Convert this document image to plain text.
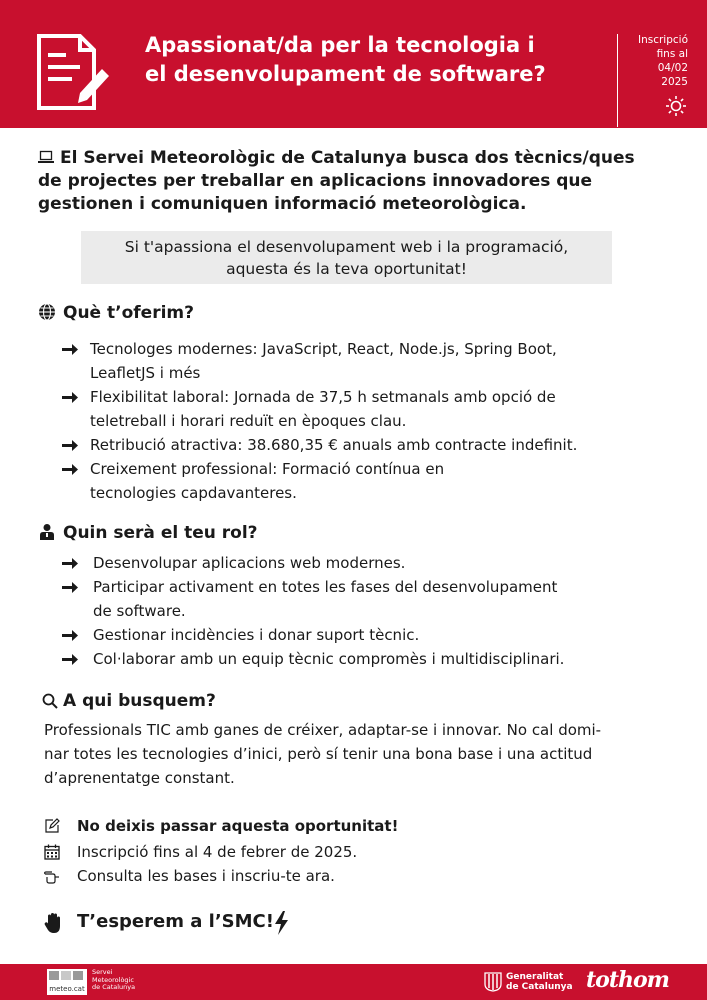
Apassionat/da per la tecnologia i
el desenvolupament de software?
Inscripció
fins al
04/02
2025
El Servei Meteorològic de Catalunya busca dos tècnics/ques
de projectes per treballar en aplicacions innovadores que
gestionen i comuniquen informació meteorològica.
Si t'apassiona el desenvolupament web i la programació,
aquesta és la teva oportunitat!
Què t’oferim?
Tecnologes modernes: JavaScript, React, Node.js, Spring Boot,
LeafletJS i més
Flexibilitat laboral: Jornada de 37,5 h setmanals amb opció de
teletreball i horari reduït en èpoques clau.
Retribució atractiva: 38.680,35 € anuals amb contracte indefinit.
Creixement professional: Formació contínua en
tecnologies capdavanteres.
Quin serà el teu rol?
Desenvolupar aplicacions web modernes.
Participar activament en totes les fases del desenvolupament
de software.
Gestionar incidències i donar suport tècnic.
Col·laborar amb un equip tècnic compromès i multidisciplinari.
A qui busquem?
Professionals TIC amb ganes de créixer, adaptar-se i innovar. No cal domi-
nar totes les tecnologies d’inici, però sí tenir una bona base i una actitud
d’aprenentatge constant.
No deixis passar aquesta oportunitat!
Inscripció fins al 4 de febrer de 2025.
Consulta les bases i inscriu-te ara.
T’esperem a l’SMC!
meteo.cat
Servei
Meteorològic
de Catalunya
Generalitat
de Catalunya tothom
